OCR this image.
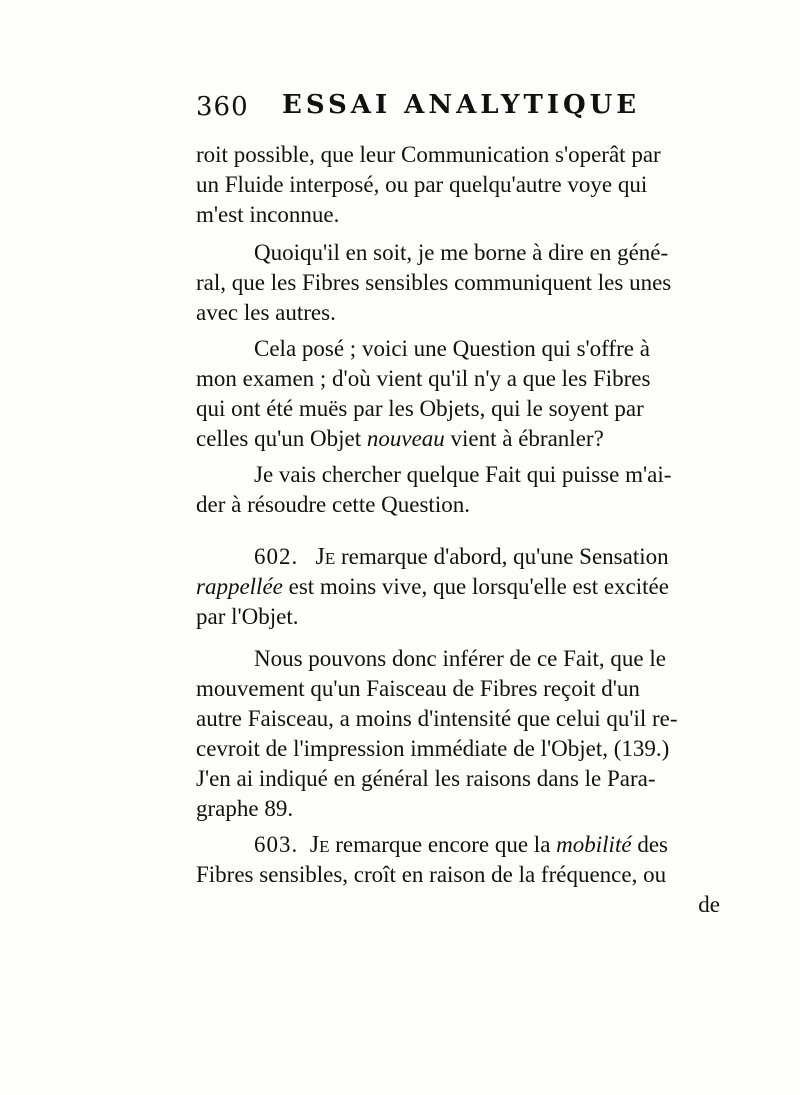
360 ESSAI ANALYTIQUE
roit possible, que leur Communication s'operât par
un Fluide interposé, ou par quelqu'autre voye qui
m'est inconnue.
Quoiqu'il en soit, je me borne à dire en géné-
ral, que les Fibres sensibles communiquent les unes
avec les autres.
Cela posé ; voici une Question qui s'offre à
mon examen ; d'où vient qu'il n'y a que les Fibres
qui ont été muës par les Objets, qui le soyent par
celles qu'un Objet nouveau vient à ébranler?
Je vais chercher quelque Fait qui puisse m'ai-
der à résoudre cette Question.
602. Je remarque d'abord, qu'une Sensation
rappellée est moins vive, que lorsqu'elle est excitée
par l'Objet.
Nous pouvons donc inférer de ce Fait, que le
mouvement qu'un Faisceau de Fibres reçoit d'un
autre Faisceau, a moins d'intensité que celui qu'il re-
cevroit de l'impression immédiate de l'Objet, (139.)
J'en ai indiqué en général les raisons dans le Para-
graphe 89.
603. Je remarque encore que la mobilité des
Fibres sensibles, croît en raison de la fréquence, ou
de
